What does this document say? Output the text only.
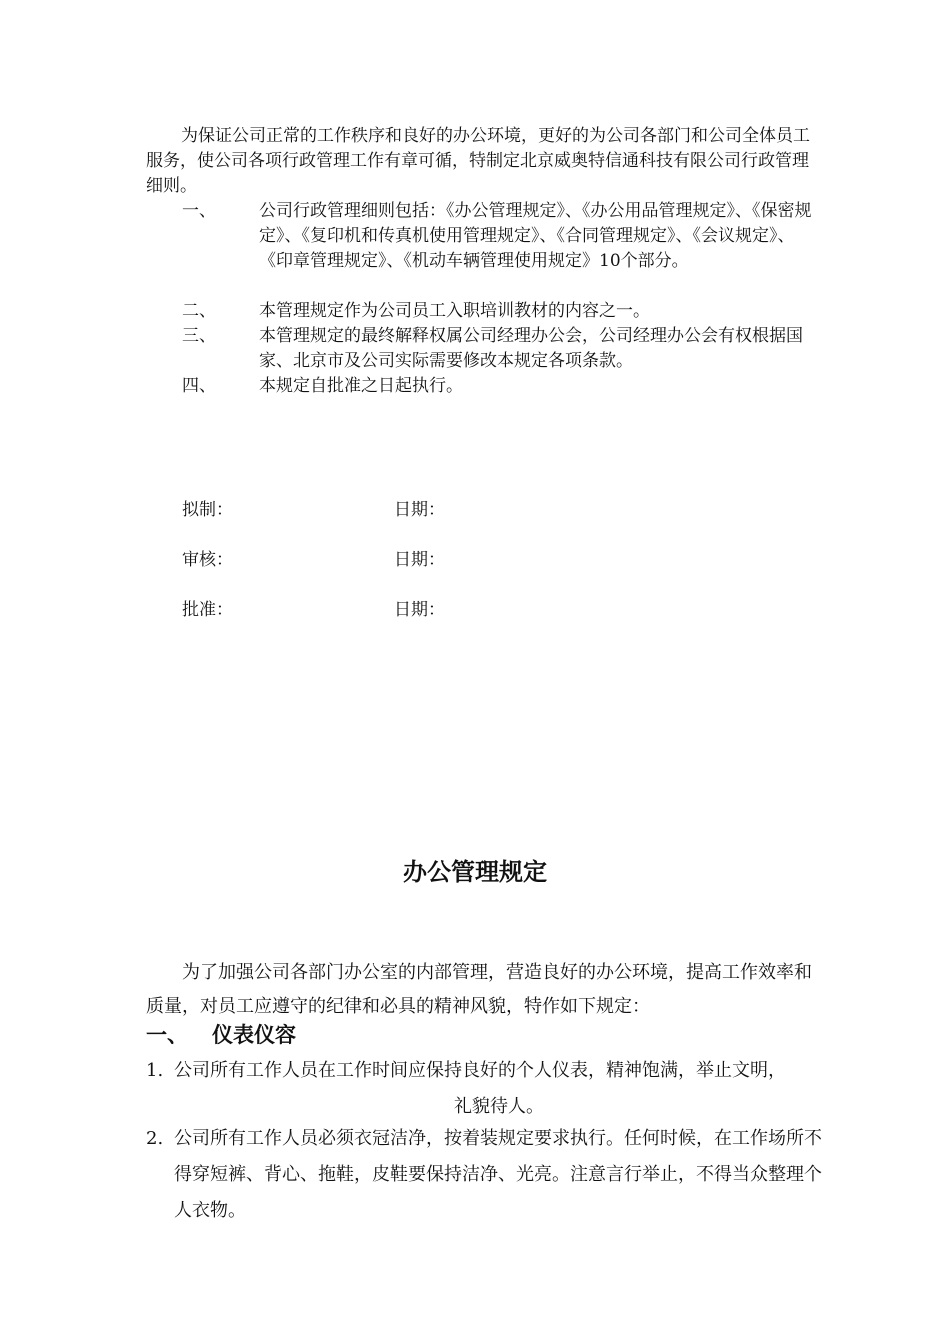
为保证公司正常的工作秩序和良好的办公环境，更好的为公司各部门和公司全体员工服务，使公司各项行政管理工作有章可循，特制定北京威奥特信通科技有限公司行政管理细则。

一、	公司行政管理细则包括：《办公管理规定》、《办公用品管理规定》、《保密规定》、《复印机和传真机使用管理规定》、《合同管理规定》、《会议规定》、《印章管理规定》、《机动车辆管理使用规定》10个部分。
二、	本管理规定作为公司员工入职培训教材的内容之一。
三、	本管理规定的最终解释权属公司经理办公会，公司经理办公会有权根据国家、北京市及公司实际需要修改本规定各项条款。
四、	本规定自批准之日起执行。
拟制：	日期：
审核：	日期：
批准：	日期：
办公管理规定

为了加强公司各部门办公室的内部管理，营造良好的办公环境，提高工作效率和质量，对员工应遵守的纪律和必具的精神风貌，特作如下规定：

一、 仪表仪容
1. 公司所有工作人员在工作时间应保持良好的个人仪表，精神饱满，举止文明，
礼貌待人。
2. 公司所有工作人员必须衣冠洁净，按着装规定要求执行。任何时候，在工作场所不得穿短裤、背心、拖鞋，皮鞋要保持洁净、光亮。注意言行举止，不得当众整理个人衣物。
